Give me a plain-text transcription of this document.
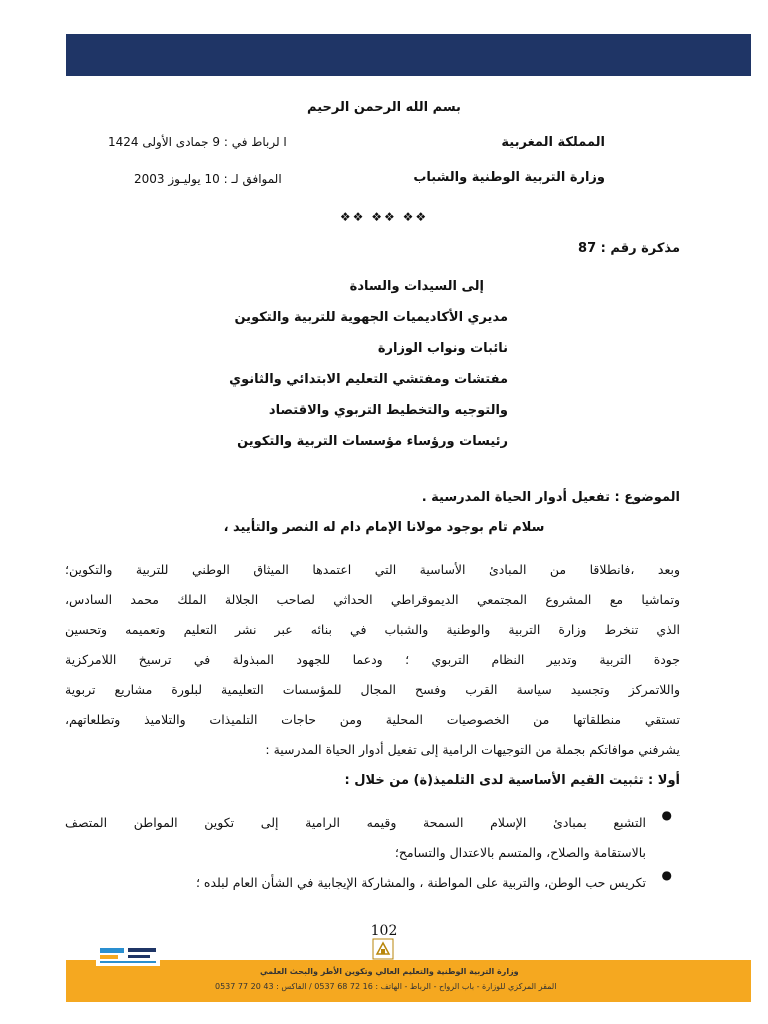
بسم الله الرحمن الرحيم
المملكة المغربية
وزارة التربية الوطنية والشباب
ا لرباط في : 9 جمادى الأولى 1424
الموافق لـ : 10 يوليـوز 2003
❖❖ ❖❖ ❖❖
مذكرة رقم : 87
إلى السيدات والسادة
مديري الأكاديميات الجهوية للتربية والتكوين
نائبات ونواب الوزارة
مفتشات ومفتشي التعليم الابتدائي والثانوي
والتوجيه والتخطيط التربوي والاقتصاد
رئيسات ورؤساء مؤسسات التربية والتكوين
الموضوع : تفعيل أدوار الحياة المدرسية .
سلام تام بوجود مولانا الإمام دام له النصر والتأييد ،
وبعد ،فانطلاقا من المبادئ الأساسية التي اعتمدها الميثاق الوطني للتربية والتكوين؛
وتماشيا مع المشروع المجتمعي الديموقراطي الحداثي لصاحب الجلالة الملك محمد السادس،
الذي تنخرط وزارة التربية والوطنية والشباب في بنائه عبر نشر التعليم وتعميمه وتحسين
جودة التربية وتدبير النظام التربوي ؛ ودعما للجهود المبذولة في ترسيخ اللامركزية
واللاتمركز وتجسيد سياسة القرب وفسح المجال للمؤسسات التعليمية لبلورة مشاريع تربوية
تستقي منطلقاتها من الخصوصيات المحلية ومن حاجات التلميذات والتلاميذ وتطلعاتهم،
يشرفني موافاتكم بجملة من التوجيهات الرامية إلى تفعيل أدوار الحياة المدرسية :
أولا : تثبيت القيم الأساسية لدى التلميذ(ة) من خلال :
●
التشبع بمبادئ الإسلام السمحة وقيمه الرامية إلى تكوين المواطن المتصف
بالاستقامة والصلاح، والمتسم بالاعتدال والتسامح؛
●
تكريس حب الوطن، والتربية على المواطنة ، والمشاركة الإيجابية في الشأن العام لبلده ؛
102
وزارة التربية الوطنية والتعليم العالي وتكوين الأطر والبحث العلمي
المقر المركزي للوزارة - باب الرواح - الرباط - الهاتف : 16 72 68 0537 / الفاكس : 43 20 77 0537
